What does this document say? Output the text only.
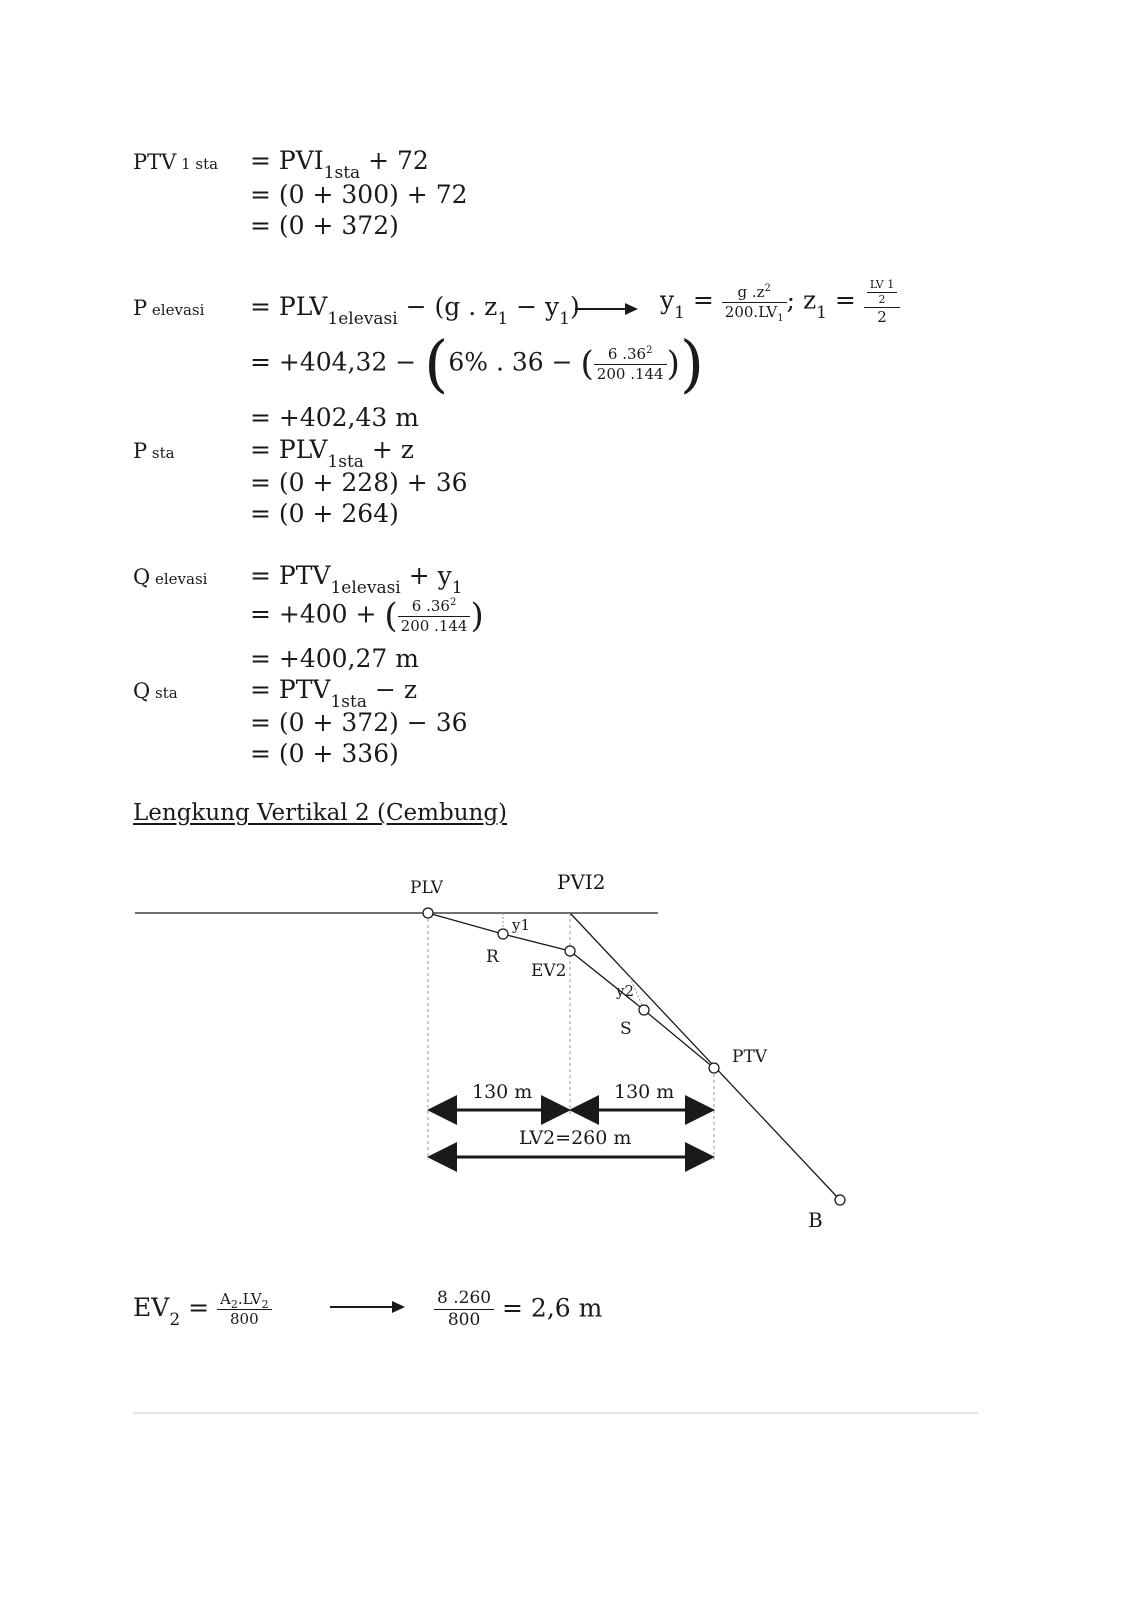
PTV 1 sta = $PVI_{1sta} + 72$
= (0 + 300) + 72
= (0 + 372)
P elevasi = $PLV_{1elevasi} - (g$ . $z_1 - y_1$)	$y_1 = \frac{g .z^2}{200.LV_1}$ ; $z_1 = \frac{\frac{LV 1}{2}}{2}$
= +404,32 − (6% . 36 − ( $\frac{6 .36^2}{200 .144}$ ))
= +402,43 m
P sta	= $PLV_{1sta} + z$
= (0 + 228) + 36
= (0 + 264)
Q elevasi = $PTV_{1elevasi} + y_1$
= +400 + ( $\frac{6 .36^2}{200 .144}$ )
= +400,27 m
Q sta	= $PTV_{1sta} - z$
= (0 + 372) − 36
= (0 + 336)
Lengkung Vertikal 2 (Cembung)
PLV	PVI2
y1
R
EV2
y2
S
PTV
B
130 m	130 m
LV2=260 m
$EV_2 = \frac{A_2.LV_2}{800}$	$\frac{8 .260}{800} = 2,6$ m
